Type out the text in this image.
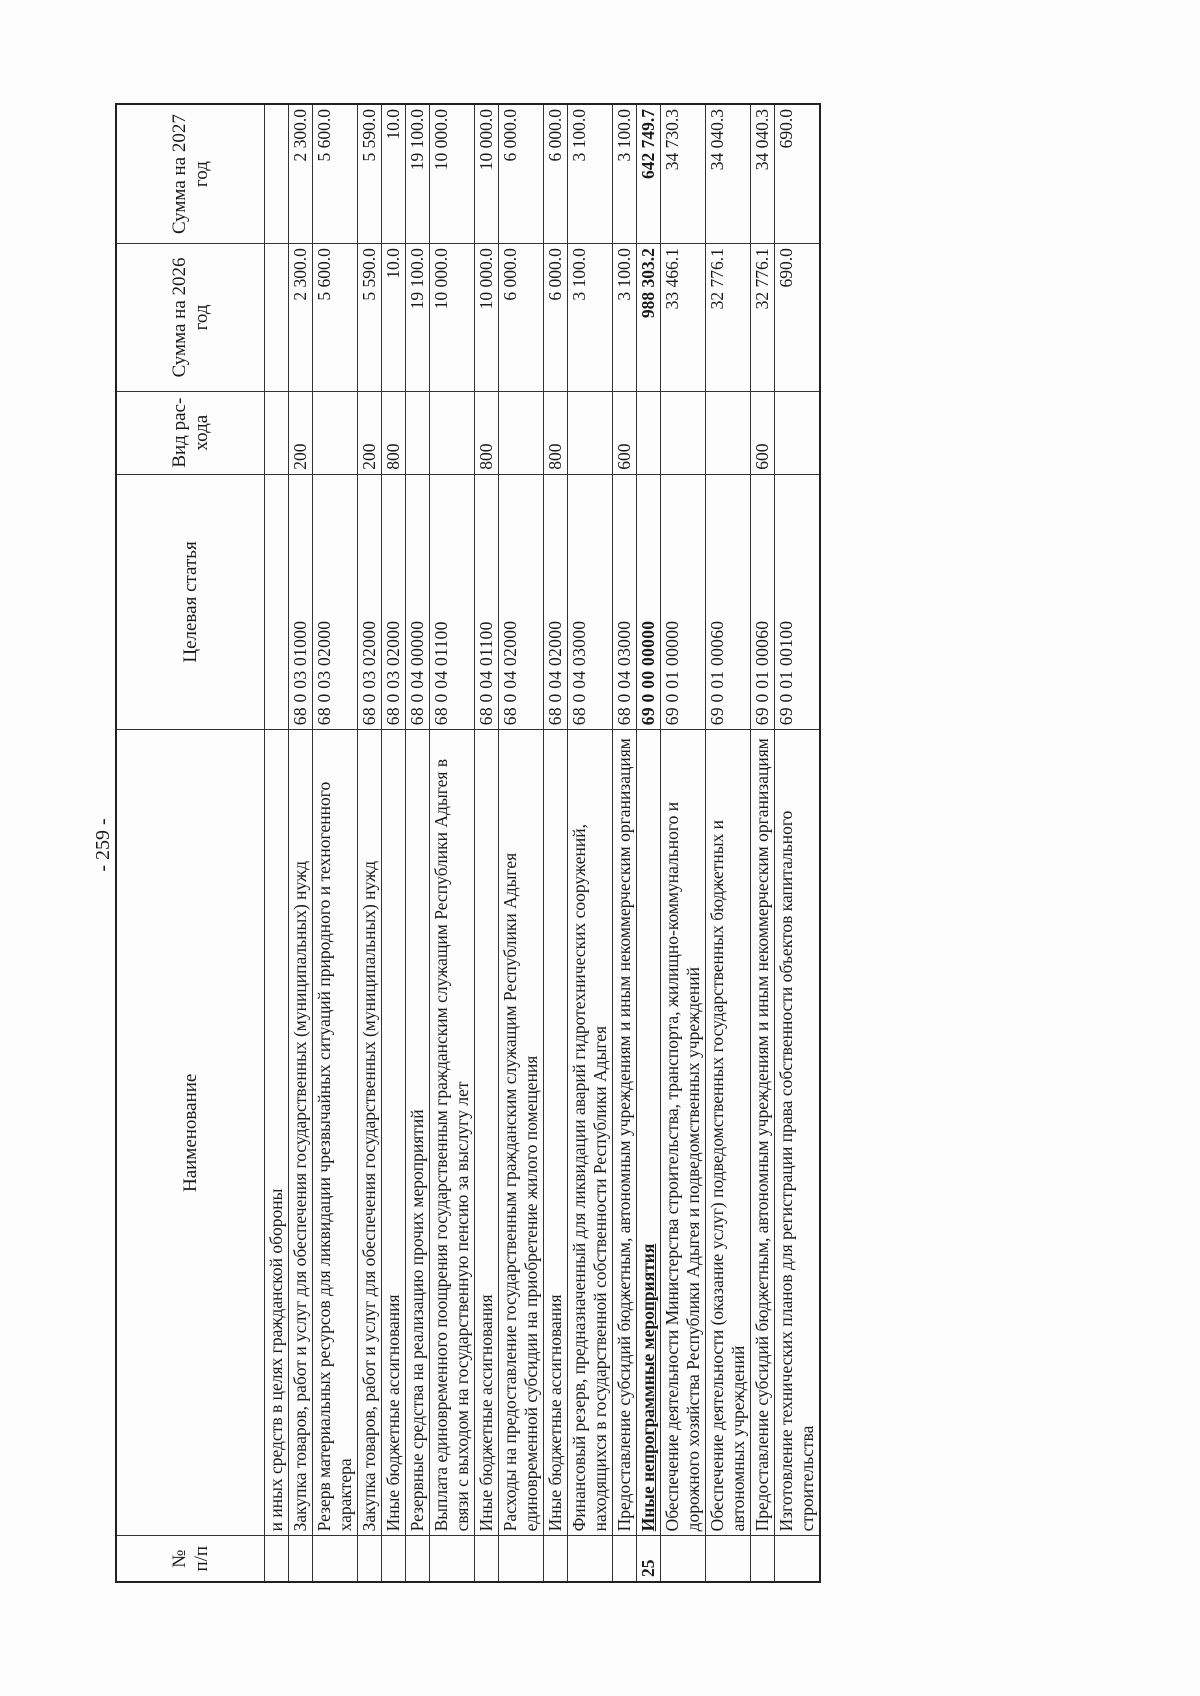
- 259 -
№ п/п	Наименование	Целевая статья	Вид рас-хода	Сумма на 2026 год	Сумма на 2027 год
	и иных средств в целях гражданской обороны				
	Закупка товаров, работ и услуг для обеспечения государственных (муниципальных) нужд	68 0 03 01000	200	2 300.0	2 300.0
	Резерв материальных ресурсов для ликвидации чрезвычайных ситуаций природного и техногенного характера	68 0 03 02000		5 600.0	5 600.0
	Закупка товаров, работ и услуг для обеспечения государственных (муниципальных) нужд	68 0 03 02000	200	5 590.0	5 590.0
	Иные бюджетные ассигнования	68 0 03 02000	800	10.0	10.0
	Резервные средства на реализацию прочих мероприятий	68 0 04 00000		19 100.0	19 100.0
	Выплата единовременного поощрения государственным гражданским служащим Республики Адыгея в связи с выходом на государственную пенсию за выслугу лет	68 0 04 01100		10 000.0	10 000.0
	Иные бюджетные ассигнования	68 0 04 01100	800	10 000.0	10 000.0
	Расходы на предоставление государственным гражданским служащим Республики Адыгея единовременной субсидии на приобретение жилого помещения	68 0 04 02000		6 000.0	6 000.0
	Иные бюджетные ассигнования	68 0 04 02000	800	6 000.0	6 000.0
	Финансовый резерв, предназначенный для ликвидации аварий гидротехнических сооружений, находящихся в государственной собственности Республики Адыгея	68 0 04 03000		3 100.0	3 100.0
	Предоставление субсидий бюджетным, автономным учреждениям и иным некоммерческим организациям	68 0 04 03000	600	3 100.0	3 100.0
25	Иные непрограммные мероприятия	69 0 00 00000		988 303.2	642 749.7
	Обеспечение деятельности Министерства строительства, транспорта, жилищно-коммунального и дорожного хозяйства Республики Адыгея и подведомственных учреждений	69 0 01 00000		33 466.1	34 730.3
	Обеспечение деятельности (оказание услуг) подведомственных государственных бюджетных и автономных учреждений	69 0 01 00060		32 776.1	34 040.3
	Предоставление субсидий бюджетным, автономным учреждениям и иным некоммерческим организациям	69 0 01 00060	600	32 776.1	34 040.3
	Изготовление технических планов для регистрации права собственности объектов капитального строительства	69 0 01 00100		690.0	690.0
